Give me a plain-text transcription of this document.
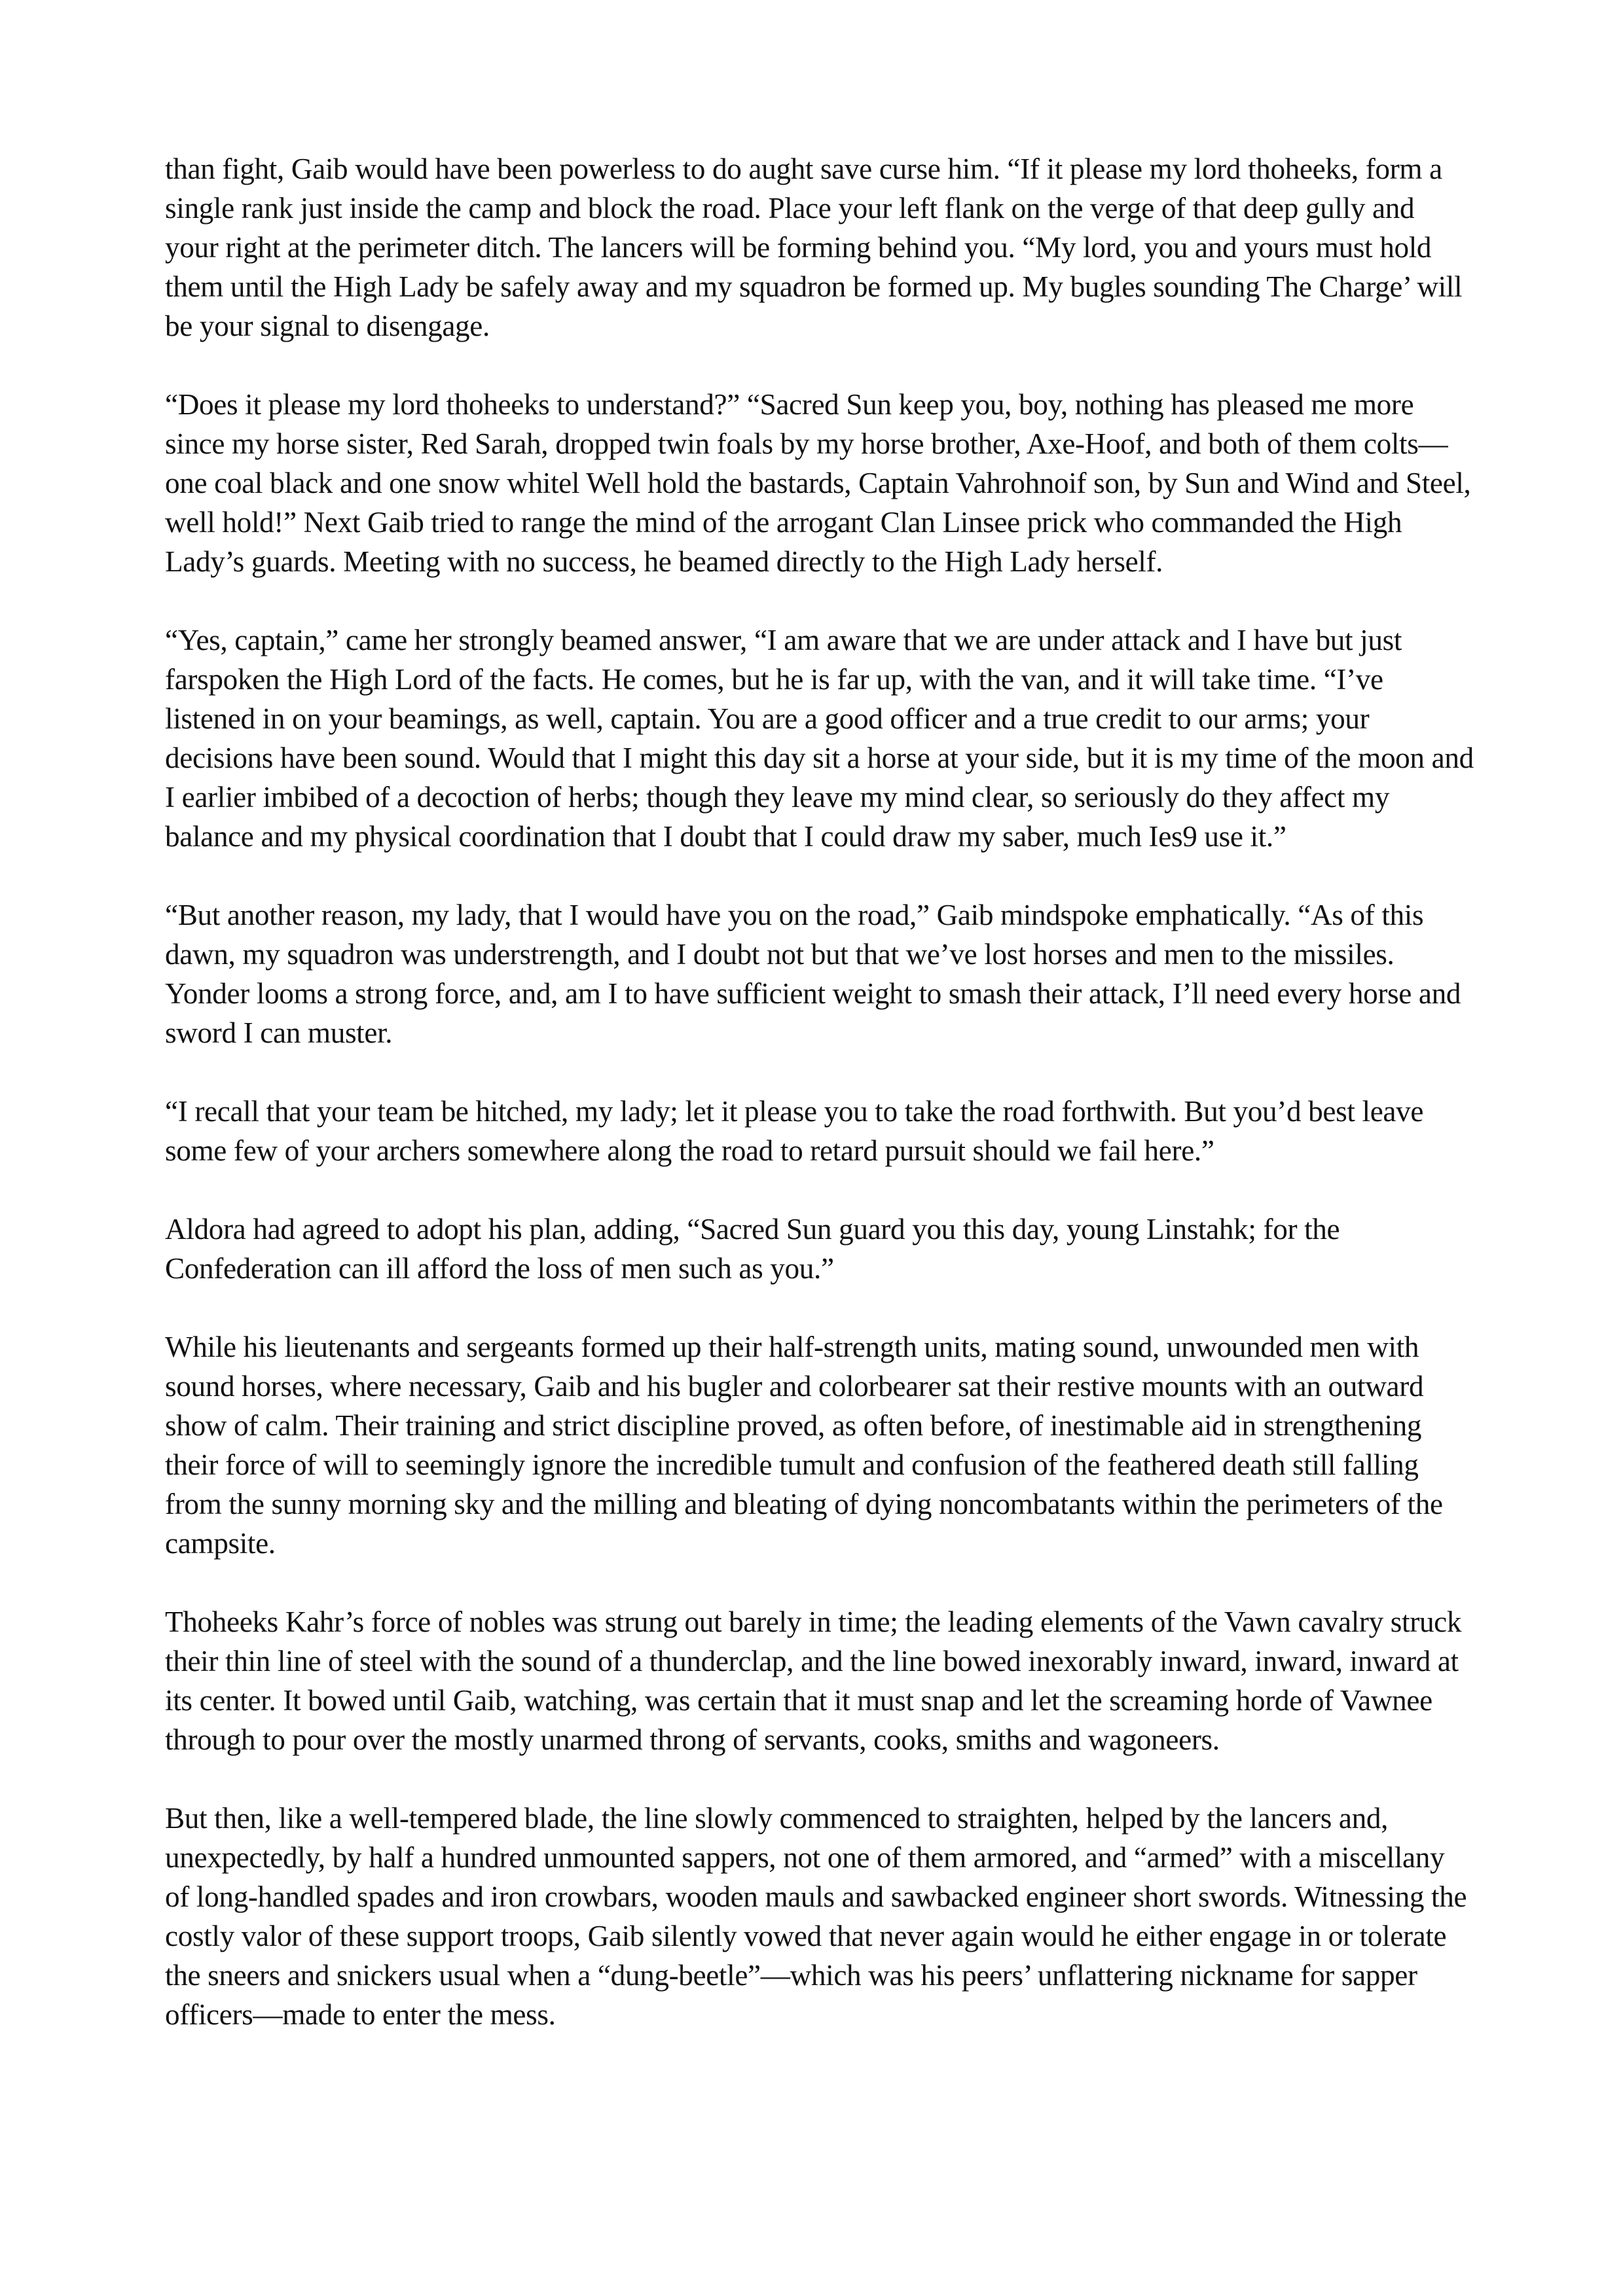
than fight, Gaib would have been powerless to do aught save curse him. “If it please my lord thoheeks, form a single rank just inside the camp and block the road. Place your left flank on the verge of that deep gully and your right at the perimeter ditch. The lancers will be forming behind you. “My lord, you and yours must hold them until the High Lady be safely away and my squadron be formed up. My bugles sounding The Charge’ will be your signal to disengage.

“Does it please my lord thoheeks to understand?” “Sacred Sun keep you, boy, nothing has pleased me more since my horse sister, Red Sarah, dropped twin foals by my horse brother, Axe-Hoof, and both of them colts—one coal black and one snow whitel Well hold the bastards, Captain Vahrohnoif son, by Sun and Wind and Steel, well hold!” Next Gaib tried to range the mind of the arrogant Clan Linsee prick who commanded the High Lady’s guards. Meeting with no success, he beamed directly to the High Lady herself.

“Yes, captain,” came her strongly beamed answer, “I am aware that we are under attack and I have but just farspoken the High Lord of the facts. He comes, but he is far up, with the van, and it will take time. “I’ve listened in on your beamings, as well, captain. You are a good officer and a true credit to our arms; your decisions have been sound. Would that I might this day sit a horse at your side, but it is my time of the moon and I earlier imbibed of a decoction of herbs; though they leave my mind clear, so seriously do they affect my balance and my physical coordination that I doubt that I could draw my saber, much Ies9 use it.”

“But another reason, my lady, that I would have you on the road,” Gaib mindspoke emphatically. “As of this dawn, my squadron was understrength, and I doubt not but that we’ve lost horses and men to the missiles. Yonder looms a strong force, and, am I to have sufficient weight to smash their attack, I’ll need every horse and sword I can muster.

“I recall that your team be hitched, my lady; let it please you to take the road forthwith. But you’d best leave some few of your archers somewhere along the road to retard pursuit should we fail here.”

Aldora had agreed to adopt his plan, adding, “Sacred Sun guard you this day, young Linstahk; for the Confederation can ill afford the loss of men such as you.”

While his lieutenants and sergeants formed up their half-strength units, mating sound, unwounded men with sound horses, where necessary, Gaib and his bugler and colorbearer sat their restive mounts with an outward show of calm. Their training and strict discipline proved, as often before, of inestimable aid in strengthening their force of will to seemingly ignore the incredible tumult and confusion of the feathered death still falling from the sunny morning sky and the milling and bleating of dying noncombatants within the perimeters of the campsite.

Thoheeks Kahr’s force of nobles was strung out barely in time; the leading elements of the Vawn cavalry struck their thin line of steel with the sound of a thunderclap, and the line bowed inexorably inward, inward, inward at its center. It bowed until Gaib, watching, was certain that it must snap and let the screaming horde of Vawnee through to pour over the mostly unarmed throng of servants, cooks, smiths and wagoneers.

But then, like a well-tempered blade, the line slowly commenced to straighten, helped by the lancers and, unexpectedly, by half a hundred unmounted sappers, not one of them armored, and “armed” with a miscellany of long-handled spades and iron crowbars, wooden mauls and sawbacked engineer short swords. Witnessing the costly valor of these support troops, Gaib silently vowed that never again would he either engage in or tolerate the sneers and snickers usual when a “dung-beetle”—which was his peers’ unflattering nickname for sapper officers—made to enter the mess.
